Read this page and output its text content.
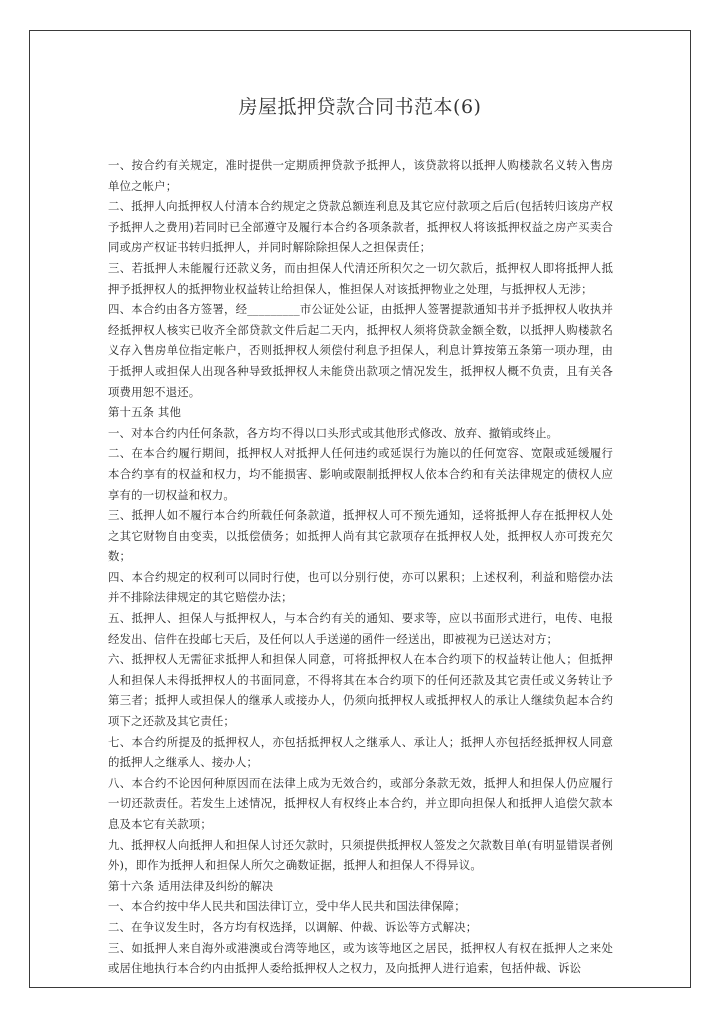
房屋抵押贷款合同书范本(6)

一、按合约有关规定，准时提供一定期质押贷款予抵押人，该贷款将以抵押人购楼款名义转入售房单位之帐户；

二、抵押人向抵押权人付清本合约规定之贷款总额连利息及其它应付款项之后后(包括转归该房产权予抵押人之费用)若同时已全部遵守及履行本合约各项条款者，抵押权人将该抵押权益之房产买卖合同或房产权证书转归抵押人，并同时解除除担保人之担保责任；

三、若抵押人未能履行还款义务，而由担保人代清还所积欠之一切欠款后，抵押权人即将抵押人抵押予抵押权人的抵押物业权益转让给担保人，惟担保人对该抵押物业之处理，与抵押权人无涉；

四、本合约由各方签署，经_________市公证处公证，由抵押人签署提款通知书并予抵押权人收执并经抵押权人核实已收齐全部贷款文件后起二天内，抵押权人须将贷款金额全数，以抵押人购楼款名义存入售房单位指定帐户，否则抵押权人须偿付利息予担保人，利息计算按第五条第一项办理，由于抵押人或担保人出现各种导致抵押权人未能贷出款项之情况发生，抵押权人概不负责，且有关各项费用恕不退还。

第十五条 其他

一、对本合约内任何条款，各方均不得以口头形式或其他形式修改、放弃、撤销或终止。

二、在本合约履行期间，抵押权人对抵押人任何违约或延误行为施以的任何宽容、宽限或延缓履行本合约享有的权益和权力，均不能损害、影响或限制抵押权人依本合约和有关法律规定的债权人应享有的一切权益和权力。

三、抵押人如不履行本合约所载任何条款道，抵押权人可不预先通知，迳将抵押人存在抵押权人处之其它财物自由变卖，以抵偿债务；如抵押人尚有其它款项存在抵押权人处，抵押权人亦可拨充欠数；

四、本合约规定的权利可以同时行使，也可以分别行使，亦可以累积；上述权利，利益和赔偿办法并不排除法律规定的其它赔偿办法；

五、抵押人、担保人与抵押权人，与本合约有关的通知、要求等，应以书面形式进行，电传、电报经发出、信件在投邮七天后，及任何以人手送递的函件一经送出，即被视为已送达对方；

六、抵押权人无需征求抵押人和担保人同意，可将抵押权人在本合约项下的权益转让他人；但抵押人和担保人未得抵押权人的书面同意，不得将其在本合约项下的任何还款及其它责任或义务转让予第三者；抵押人或担保人的继承人或接办人，仍须向抵押权人或抵押权人的承让人继续负起本合约项下之还款及其它责任；

七、本合约所提及的抵押权人，亦包括抵押权人之继承人、承让人；抵押人亦包括经抵押权人同意的抵押人之继承人、接办人；

八、本合约不论因何种原因而在法律上成为无效合约，或部分条款无效，抵押人和担保人仍应履行一切还款责任。若发生上述情况，抵押权人有权终止本合约，并立即向担保人和抵押人追偿欠款本息及本它有关款项；

九、抵押权人向抵押人和担保人讨还欠款时，只须提供抵押权人签发之欠款数目单(有明显错误者例外)，即作为抵押人和担保人所欠之确数证据，抵押人和担保人不得异议。

第十六条 适用法律及纠纷的解决

一、本合约按中华人民共和国法律订立，受中华人民共和国法律保障；

二、在争议发生时，各方均有权选择，以调解、仲裁、诉讼等方式解决；

三、如抵押人来自海外或港澳或台湾等地区，或为该等地区之居民，抵押权人有权在抵押人之来处或居住地执行本合约内由抵押人委给抵押权人之权力，及向抵押人进行追索，包括仲裁、诉讼
